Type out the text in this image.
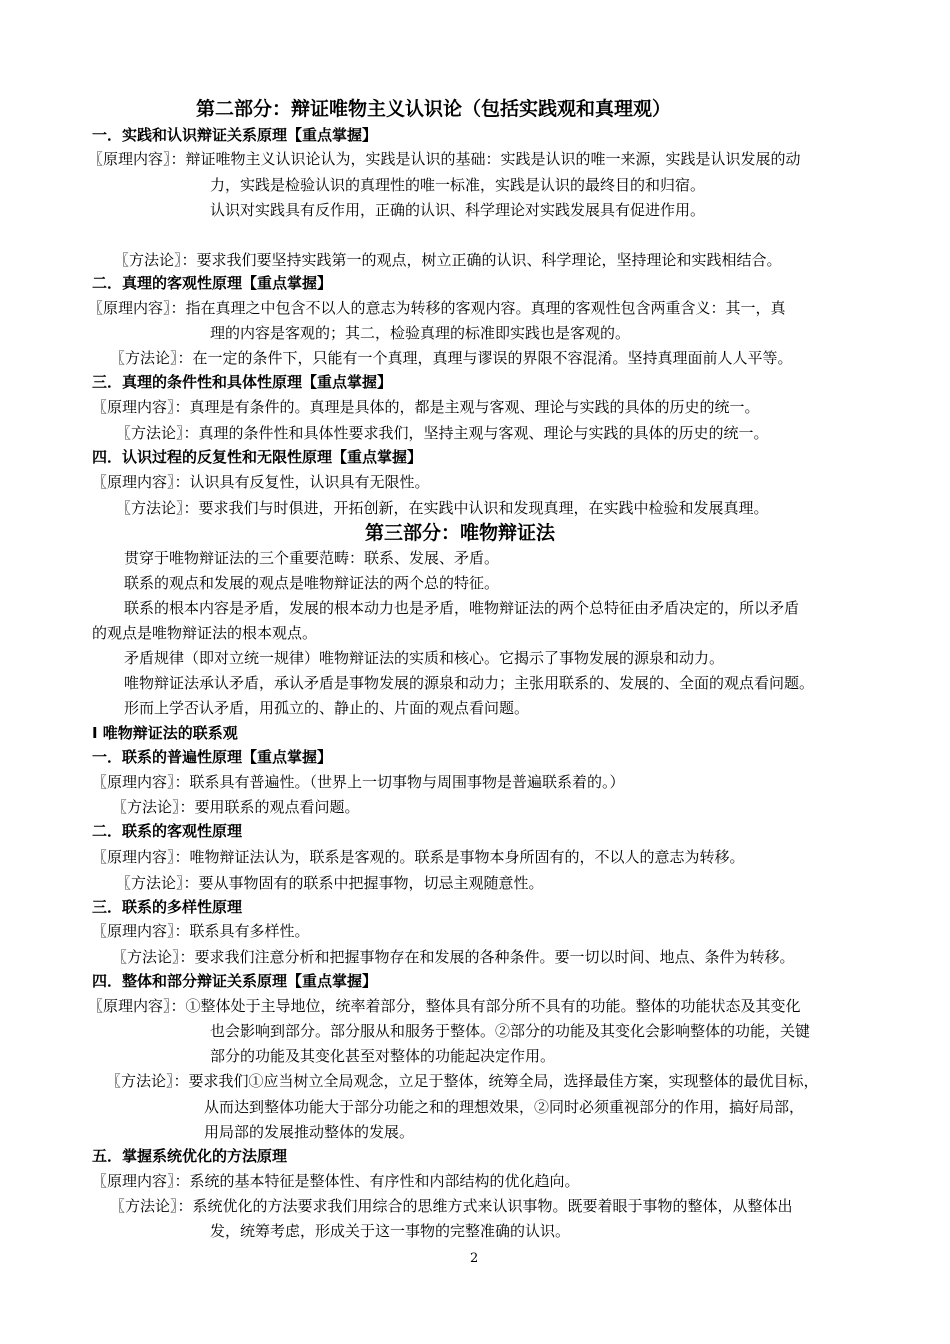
第二部分：辩证唯物主义认识论（包括实践观和真理观）
一．实践和认识辩证关系原理【重点掌握】
〖原理内容〗：辩证唯物主义认识论认为，实践是认识的基础：实践是认识的唯一来源，实践是认识发展的动
力，实践是检验认识的真理性的唯一标准，实践是认识的最终目的和归宿。
认识对实践具有反作用，正确的认识、科学理论对实践发展具有促进作用。
〖方法论〗：要求我们要坚持实践第一的观点，树立正确的认识、科学理论，坚持理论和实践相结合。
二．真理的客观性原理【重点掌握】
〖原理内容〗：指在真理之中包含不以人的意志为转移的客观内容。真理的客观性包含两重含义：其一，真
理的内容是客观的；其二，检验真理的标准即实践也是客观的。
〖方法论〗：在一定的条件下，只能有一个真理，真理与谬误的界限不容混淆。坚持真理面前人人平等。
三．真理的条件性和具体性原理【重点掌握】
〖原理内容〗：真理是有条件的。真理是具体的，都是主观与客观、理论与实践的具体的历史的统一。
〖方法论〗：真理的条件性和具体性要求我们，坚持主观与客观、理论与实践的具体的历史的统一。
四．认识过程的反复性和无限性原理【重点掌握】
〖原理内容〗：认识具有反复性，认识具有无限性。
〖方法论〗：要求我们与时俱进，开拓创新，在实践中认识和发现真理，在实践中检验和发展真理。
第三部分：唯物辩证法
贯穿于唯物辩证法的三个重要范畴：联系、发展、矛盾。
联系的观点和发展的观点是唯物辩证法的两个总的特征。
联系的根本内容是矛盾，发展的根本动力也是矛盾，唯物辩证法的两个总特征由矛盾决定的，所以矛盾
的观点是唯物辩证法的根本观点。
矛盾规律（即对立统一规律）唯物辩证法的实质和核心。它揭示了事物发展的源泉和动力。
唯物辩证法承认矛盾，承认矛盾是事物发展的源泉和动力；主张用联系的、发展的、全面的观点看问题。
形而上学否认矛盾，用孤立的、静止的、片面的观点看问题。
Ⅰ 唯物辩证法的联系观
一．联系的普遍性原理【重点掌握】
〖原理内容〗：联系具有普遍性。（世界上一切事物与周围事物是普遍联系着的。）
〖方法论〗：要用联系的观点看问题。
二．联系的客观性原理
〖原理内容〗：唯物辩证法认为，联系是客观的。联系是事物本身所固有的，不以人的意志为转移。
〖方法论〗：要从事物固有的联系中把握事物，切忌主观随意性。
三．联系的多样性原理
〖原理内容〗：联系具有多样性。
〖方法论〗：要求我们注意分析和把握事物存在和发展的各种条件。要一切以时间、地点、条件为转移。
四．整体和部分辩证关系原理【重点掌握】
〖原理内容〗：①整体处于主导地位，统率着部分，整体具有部分所不具有的功能。整体的功能状态及其变化
也会影响到部分。部分服从和服务于整体。②部分的功能及其变化会影响整体的功能，关键
部分的功能及其变化甚至对整体的功能起决定作用。
〖方法论〗：要求我们①应当树立全局观念，立足于整体，统筹全局，选择最佳方案，实现整体的最优目标，
从而达到整体功能大于部分功能之和的理想效果，②同时必须重视部分的作用，搞好局部，
用局部的发展推动整体的发展。
五．掌握系统优化的方法原理
〖原理内容〗：系统的基本特征是整体性、有序性和内部结构的优化趋向。
〖方法论〗：系统优化的方法要求我们用综合的思维方式来认识事物。既要着眼于事物的整体，从整体出
发，统筹考虑，形成关于这一事物的完整准确的认识。
2
